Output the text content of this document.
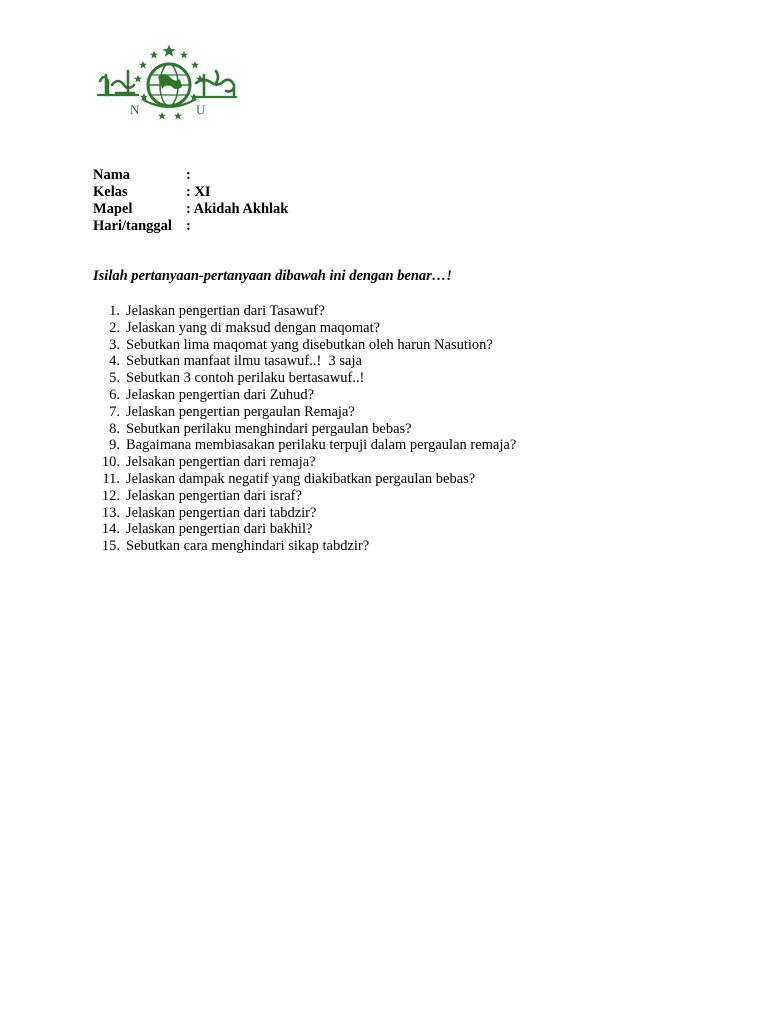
N	U
Nama	:
Kelas	: XI
Mapel	: Akidah Akhlak
Hari/tanggal :
Isilah pertanyaan-pertanyaan dibawah ini dengan benar…!
1. Jelaskan pengertian dari Tasawuf?
2. Jelaskan yang di maksud dengan maqomat?
3. Sebutkan lima maqomat yang disebutkan oleh harun Nasution?
4. Sebutkan manfaat ilmu tasawuf..!  3 saja
5. Sebutkan 3 contoh perilaku bertasawuf..!
6. Jelaskan pengertian dari Zuhud?
7. Jelaskan pengertian pergaulan Remaja?
8. Sebutkan perilaku menghindari pergaulan bebas?
9. Bagaimana membiasakan perilaku terpuji dalam pergaulan remaja?
10. Jelsakan pengertian dari remaja?
11. Jelaskan dampak negatif yang diakibatkan pergaulan bebas?
12. Jelaskan pengertian dari israf?
13. Jelaskan pengertian dari tabdzir?
14. Jelaskan pengertian dari bakhil?
15. Sebutkan cara menghindari sikap tabdzir?
